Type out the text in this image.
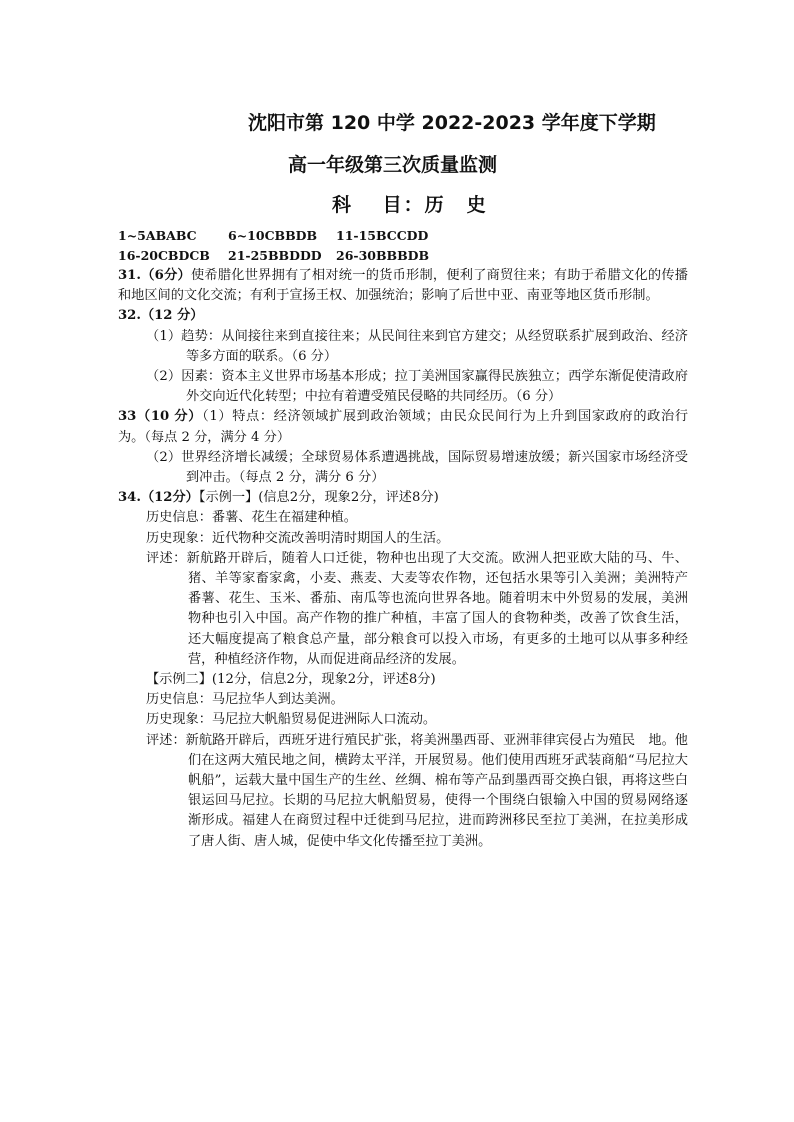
沈阳市第 120 中学 2022-2023 学年度下学期
高一年级第三次质量监测
科　 目：历　史
1~5ABABC	6~10CBBDB	11-15BCCDD
16-20CBDCB	21-25BBDDD	26-30BBBDB

31.（6分）使希腊化世界拥有了相对统一的货币形制，便利了商贸往来；有助于希腊文化的传播和地区间的文化交流；有利于宣扬王权、加强统治；影响了后世中亚、南亚等地区货币形制。

32.（12 分）

（1）趋势：从间接往来到直接往来；从民间往来到官方建交；从经贸联系扩展到政治、经济等多方面的联系。（6 分）

（2）因素：资本主义世界市场基本形成；拉丁美洲国家赢得民族独立；西学东渐促使清政府外交向近代化转型；中拉有着遭受殖民侵略的共同经历。（6 分）

33（10 分）（1）特点：经济领域扩展到政治领域；由民众民间行为上升到国家政府的政治行为。（每点 2 分，满分 4 分）

（2）世界经济增长减缓；全球贸易体系遭遇挑战，国际贸易增速放缓；新兴国家市场经济受到冲击。（每点 2 分，满分 6 分）

34.（12分）【示例一】(信息2分，现象2分，评述8分)

历史信息：番薯、花生在福建种植。

历史现象：近代物种交流改善明清时期国人的生活。

评述：新航路开辟后，随着人口迁徙，物种也出现了大交流。欧洲人把亚欧大陆的马、牛、猪、羊等家畜家禽，小麦、燕麦、大麦等农作物，还包括水果等引入美洲；美洲特产番薯、花生、玉米、番茄、南瓜等也流向世界各地。随着明末中外贸易的发展，美洲物种也引入中国。高产作物的推广种植，丰富了国人的食物种类，改善了饮食生活，还大幅度提高了粮食总产量，部分粮食可以投入市场，有更多的土地可以从事多种经营，种植经济作物，从而促进商品经济的发展。

【示例二】(12分，信息2分，现象2分，评述8分)

历史信息：马尼拉华人到达美洲。

历史现象：马尼拉大帆船贸易促进洲际人口流动。

评述：新航路开辟后，西班牙进行殖民扩张，将美洲墨西哥、亚洲菲律宾侵占为殖民　地。他们在这两大殖民地之间，横跨太平洋，开展贸易。他们使用西班牙武装商船“马尼拉大帆船”，运载大量中国生产的生丝、丝绸、棉布等产品到墨西哥交换白银，再将这些白银运回马尼拉。长期的马尼拉大帆船贸易，使得一个围绕白银输入中国的贸易网络逐渐形成。福建人在商贸过程中迁徙到马尼拉，进而跨洲移民至拉丁美洲，在拉美形成了唐人街、唐人城，促使中华文化传播至拉丁美洲。
